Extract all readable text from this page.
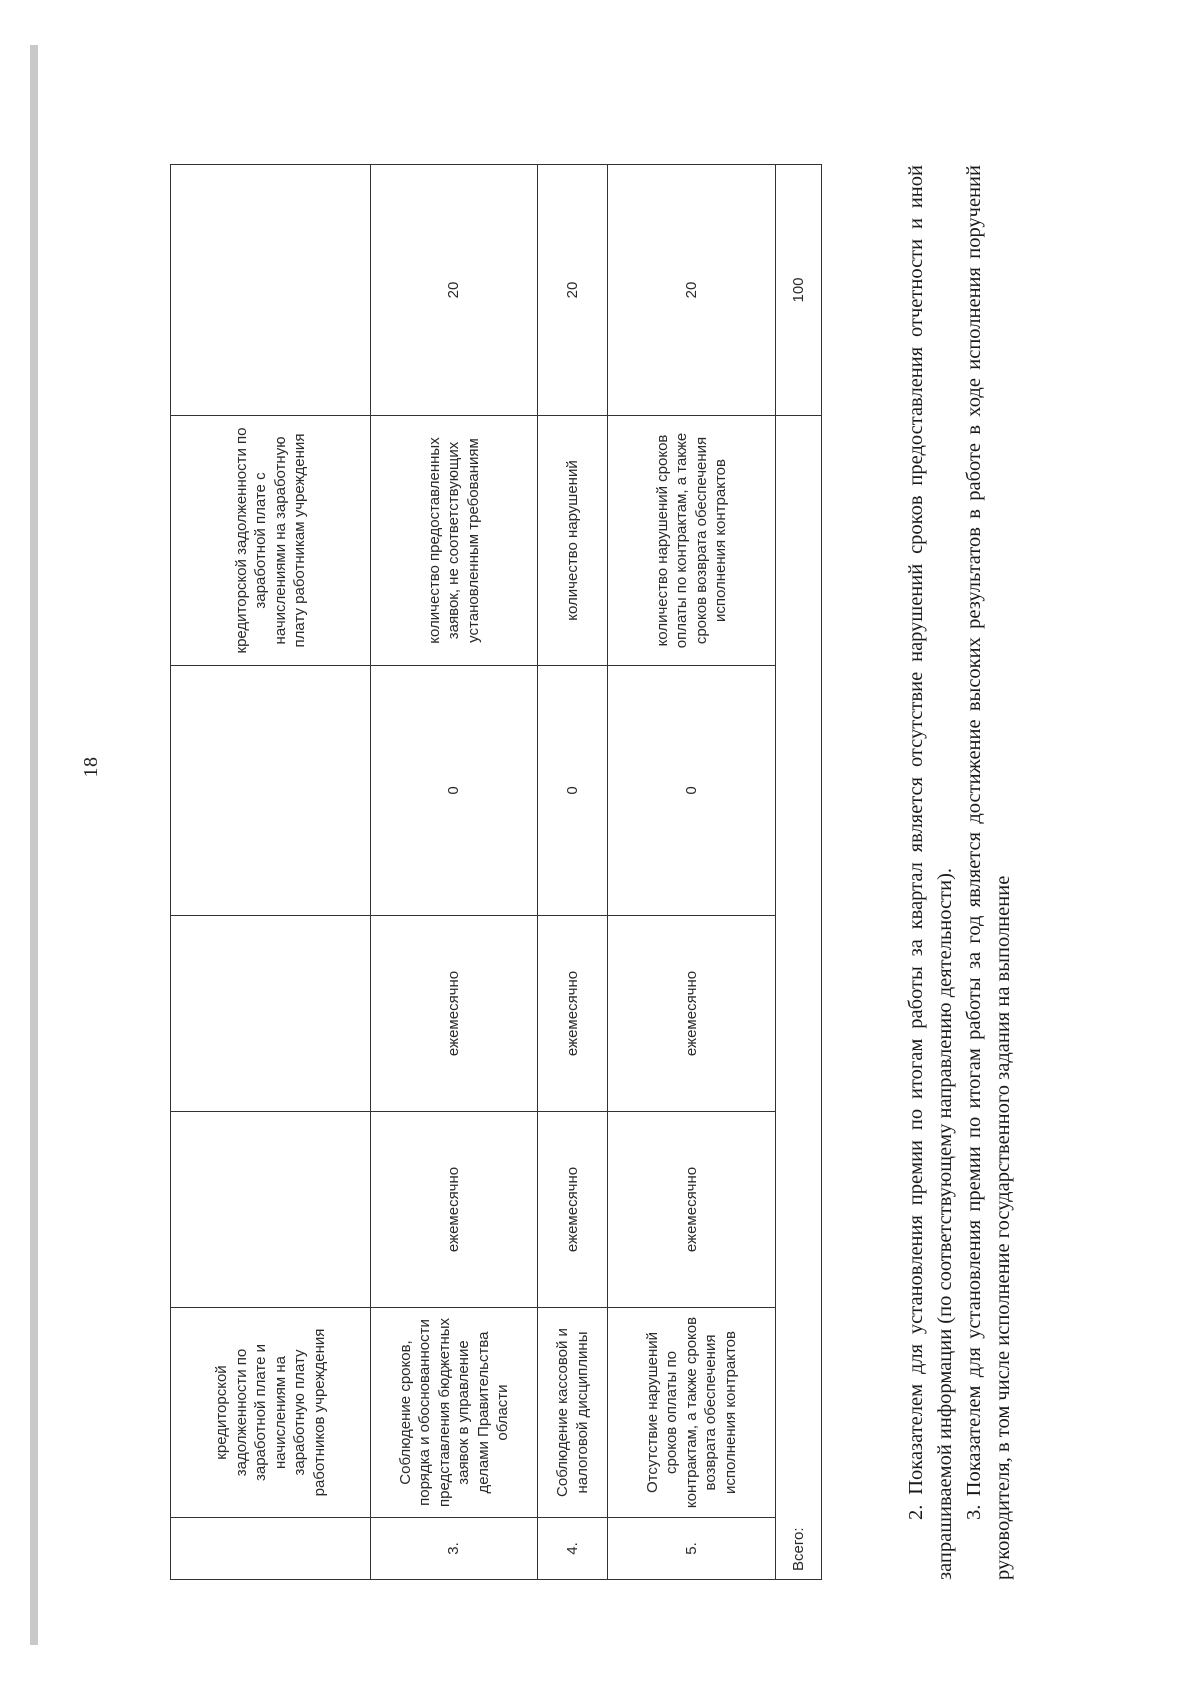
18
	кредиторской задолженности по заработной плате и начислениям на заработную плату работников учреждения				кредиторской задолженности по заработной плате с начислениями на заработную плату работникам учреждения	
3.	Соблюдение сроков, порядка и обоснованности представления бюджетных заявок в управление делами Правительства области	ежемесячно	ежемесячно	0	количество предоставленных заявок, не соответствующих установленным требованиям	20
4.	Соблюдение кассовой и налоговой дисциплины	ежемесячно	ежемесячно	0	количество нарушений	20
5.	Отсутствие нарушений сроков оплаты по контрактам, а также сроков возврата обеспечения исполнения контрактов	ежемесячно	ежемесячно	0	количество нарушений сроков оплаты по контрактам, а также сроков возврата обеспечения исполнения контрактов	20
Всего:						100	2. Показателем для установления премии по итогам работы за квартал является отсутствие нарушений сроков предоставления отчетности и иной запрашиваемой информации (по соответствующему направлению деятельности). 3. Показателем для установления премии по итогам работы за год является достижение высоких результатов в работе в ходе исполнения поручений руководителя, в том числе исполнение государственного задания на выполнение
